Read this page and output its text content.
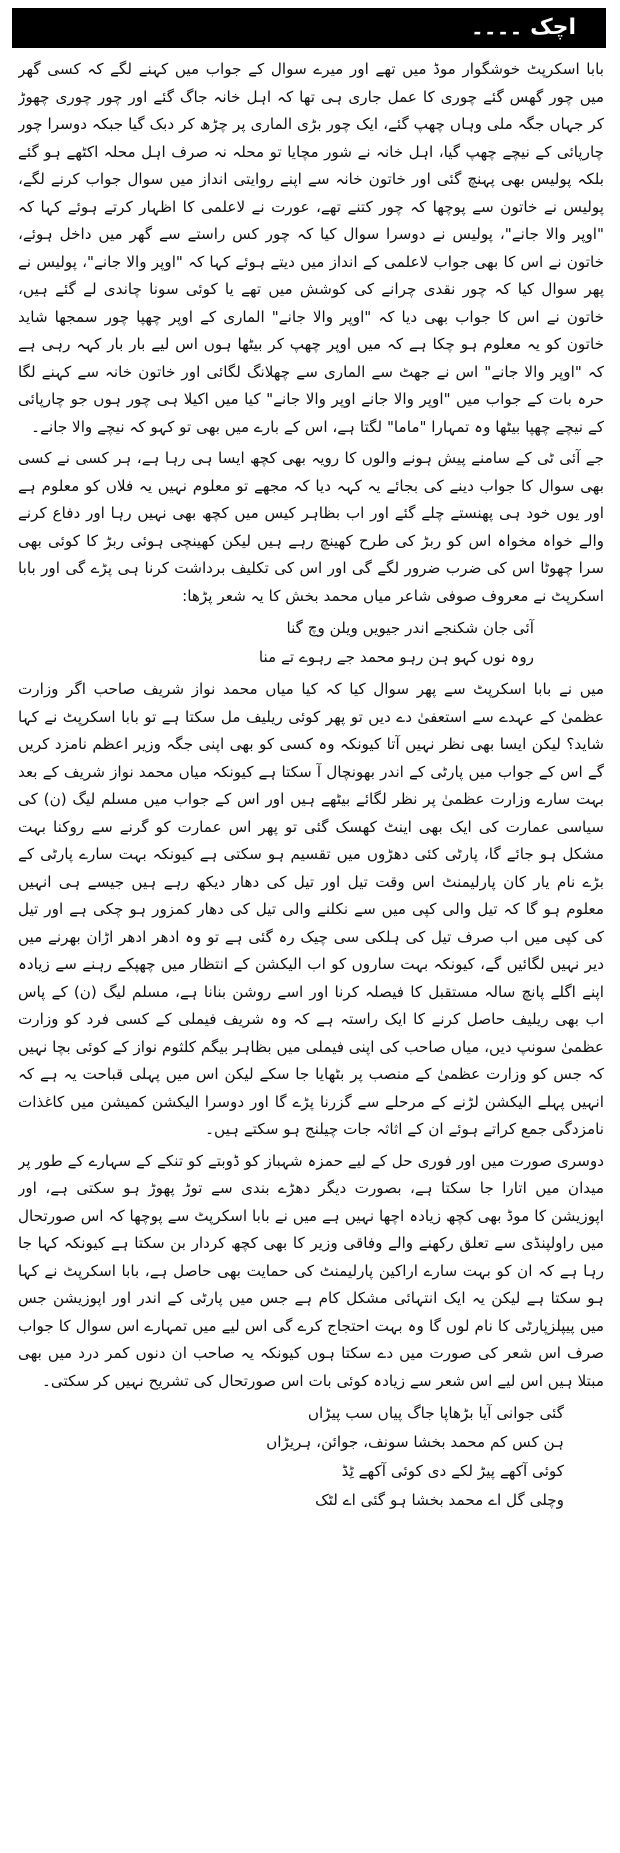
اچک ۔۔۔۔

بابا اسکرپٹ خوشگوار موڈ میں تھے اور میرے سوال کے جواب میں کہنے لگے کہ کسی گھر میں چور گھس گئے چوری کا عمل جاری ہی تھا کہ اہل خانہ جاگ گئے اور چور چوری چھوڑ کر جہاں جگہ ملی وہاں چھپ گئے، ایک چور بڑی الماری پر چڑھ کر دبک گیا جبکہ دوسرا چور چارپائی کے نیچے چھپ گیا، اہل خانہ نے شور مچایا تو محلہ نہ صرف اہل محلہ اکٹھے ہو گئے بلکہ پولیس بھی پہنچ گئی اور خاتون خانہ سے اپنے روایتی انداز میں سوال جواب کرنے لگے، پولیس نے خاتون سے پوچھا کہ چور کتنے تھے، عورت نے لاعلمی کا اظہار کرتے ہوئے کہا کہ "اوپر والا جانے"، پولیس نے دوسرا سوال کیا کہ چور کس راستے سے گھر میں داخل ہوئے، خاتون نے اس کا بھی جواب لاعلمی کے انداز میں دیتے ہوئے کہا کہ "اوپر والا جانے"، پولیس نے پھر سوال کیا کہ چور نقدی چرانے کی کوشش میں تھے یا کوئی سونا چاندی لے گئے ہیں، خاتون نے اس کا جواب بھی دیا کہ "اوپر والا جانے" الماری کے اوپر چھپا چور سمجھا شاید خاتون کو یہ معلوم ہو چکا ہے کہ میں اوپر چھپ کر بیٹھا ہوں اس لیے بار بار کہہ رہی ہے کہ "اوپر والا جانے" اس نے جھٹ سے الماری سے چھلانگ لگائی اور خاتون خانہ سے کہنے لگا حرہ بات کے جواب میں "اوپر والا جانے اوپر والا جانے" کیا میں اکیلا ہی چور ہوں جو چارپائی کے نیچے چھپا بیٹھا وہ تمہارا "ماما" لگتا ہے، اس کے بارے میں بھی تو کہو کہ نیچے والا جانے۔

جے آئی ٹی کے سامنے پیش ہونے والوں کا رویہ بھی کچھ ایسا ہی رہا ہے، ہر کسی نے کسی بھی سوال کا جواب دینے کی بجائے یہ کہہ دیا کہ مجھے تو معلوم نہیں یہ فلاں کو معلوم ہے اور یوں خود ہی پھنستے چلے گئے اور اب بظاہر کیس میں کچھ بھی نہیں رہا اور دفاع کرنے والے خواہ مخواہ اس کو ربڑ کی طرح کھینچ رہے ہیں لیکن کھینچی ہوئی ربڑ کا کوئی بھی سرا چھوٹا اس کی ضرب ضرور لگے گی اور اس کی تکلیف برداشت کرنا ہی پڑے گی اور بابا اسکرپٹ نے معروف صوفی شاعر میاں محمد بخش کا یہ شعر پڑھا:

آئی جان شکنجے اندر جیویں ویلن وچ گنا
روہ نوں کہو ہن رہو محمد جے رہوے تے منا

میں نے بابا اسکرپٹ سے پھر سوال کیا کہ کیا میاں محمد نواز شریف صاحب اگر وزارت عظمیٰ کے عہدے سے استعفیٰ دے دیں تو پھر کوئی ریلیف مل سکتا ہے تو بابا اسکرپٹ نے کہا شاید؟ لیکن ایسا بھی نظر نہیں آتا کیونکہ وہ کسی کو بھی اپنی جگہ وزیر اعظم نامزد کریں گے اس کے جواب میں پارٹی کے اندر بھونچال آ سکتا ہے کیونکہ میاں محمد نواز شریف کے بعد بہت سارے وزارت عظمیٰ پر نظر لگائے بیٹھے ہیں اور اس کے جواب میں مسلم لیگ (ن) کی سیاسی عمارت کی ایک بھی اینٹ کھسک گئی تو پھر اس عمارت کو گرنے سے روکنا بہت مشکل ہو جائے گا، پارٹی کئی دھڑوں میں تقسیم ہو سکتی ہے کیونکہ بہت سارے پارٹی کے بڑے نام یار کان پارلیمنٹ اس وقت تیل اور تیل کی دھار دیکھ رہے ہیں جیسے ہی انہیں معلوم ہو گا کہ تیل والی کپی میں سے نکلنے والی تیل کی دھار کمزور ہو چکی ہے اور تیل کی کپی میں اب صرف تیل کی ہلکی سی چیک رہ گئی ہے تو وہ ادھر ادھر اڑان بھرنے میں دیر نہیں لگائیں گے، کیونکہ بہت ساروں کو اب الیکشن کے انتظار میں چھپکے رہنے سے زیادہ اپنے اگلے پانچ سالہ مستقبل کا فیصلہ کرنا اور اسے روشن بنانا ہے، مسلم لیگ (ن) کے پاس اب بھی ریلیف حاصل کرنے کا ایک راستہ ہے کہ وہ شریف فیملی کے کسی فرد کو وزارت عظمیٰ سونپ دیں، میاں صاحب کی اپنی فیملی میں بظاہر بیگم کلثوم نواز کے کوئی بچا نہیں کہ جس کو وزارت عظمیٰ کے منصب پر بٹھایا جا سکے لیکن اس میں پہلی قباحت یہ ہے کہ انہیں پہلے الیکشن لڑنے کے مرحلے سے گزرنا پڑے گا اور دوسرا الیکشن کمیشن میں کاغذات نامزدگی جمع کراتے ہوئے ان کے اثاثہ جات چیلنج ہو سکتے ہیں۔

دوسری صورت میں اور فوری حل کے لیے حمزہ شہباز کو ڈوبتے کو تنکے کے سہارے کے طور پر میدان میں اتارا جا سکتا ہے، بصورت دیگر دھڑے بندی سے توڑ پھوڑ ہو سکتی ہے، اور اپوزیشن کا موڈ بھی کچھ زیادہ اچھا نہیں ہے میں نے بابا اسکرپٹ سے پوچھا کہ اس صورتحال میں راولپنڈی سے تعلق رکھنے والے وفاقی وزیر کا بھی کچھ کردار بن سکتا ہے کیونکہ کہا جا رہا ہے کہ ان کو بہت سارے اراکین پارلیمنٹ کی حمایت بھی حاصل ہے، بابا اسکرپٹ نے کہا ہو سکتا ہے لیکن یہ ایک انتہائی مشکل کام ہے جس میں پارٹی کے اندر اور اپوزیشن جس میں پیپلزپارٹی کا نام لوں گا وہ بہت احتجاج کرے گی اس لیے میں تمہارے اس سوال کا جواب صرف اس شعر کی صورت میں دے سکتا ہوں کیونکہ یہ صاحب ان دنوں کمر درد میں بھی مبتلا ہیں اس لیے اس شعر سے زیادہ کوئی بات اس صورتحال کی تشریح نہیں کر سکتی۔

گئی جوانی آیا بڑھاپا جاگ پیاں سب پیڑاں
ہن کس کم محمد بخشا سونف، جوائن، ہریڑاں
کوئی آکھے پیڑ لکے دی کوئی آکھے ٹِڈ
وچلی گل اے محمد بخشا ہو گئی اے لٹک
